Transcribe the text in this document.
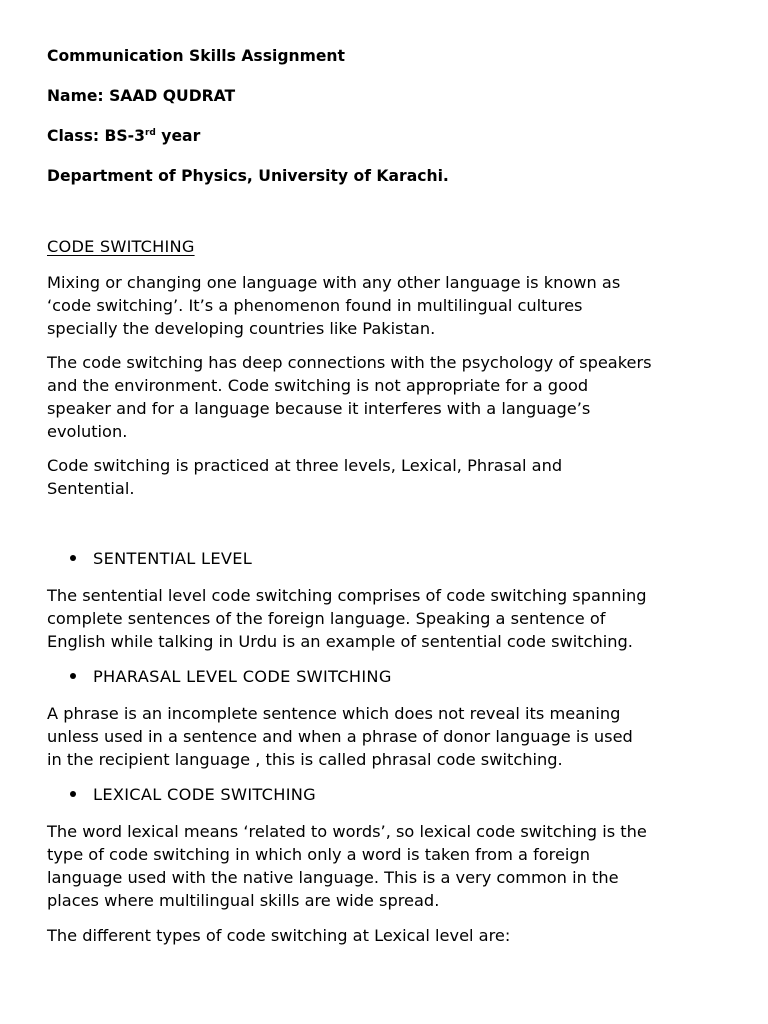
Communication Skills Assignment
Name: SAAD QUDRAT
Class: BS-3rd year
Department of Physics, University of Karachi.
CODE SWITCHING
Mixing or changing one language with any other language is known as
‘code switching’. It’s a phenomenon found in multilingual cultures
specially the developing countries like Pakistan.
The code switching has deep connections with the psychology of speakers
and the environment. Code switching is not appropriate for a good
speaker and for a language because it interferes with a language’s
evolution.
Code switching is practiced at three levels, Lexical, Phrasal and
Sentential.
SENTENTIAL LEVEL
The sentential level code switching comprises of code switching spanning
complete sentences of the foreign language. Speaking a sentence of
English while talking in Urdu is an example of sentential code switching.
PHARASAL LEVEL CODE SWITCHING
A phrase is an incomplete sentence which does not reveal its meaning
unless used in a sentence and when a phrase of donor language is used
in the recipient language , this is called phrasal code switching.
LEXICAL CODE SWITCHING
The word lexical means ‘related to words’, so lexical code switching is the
type of code switching in which only a word is taken from a foreign
language used with the native language. This is a very common in the
places where multilingual skills are wide spread.
The different types of code switching at Lexical level are:
